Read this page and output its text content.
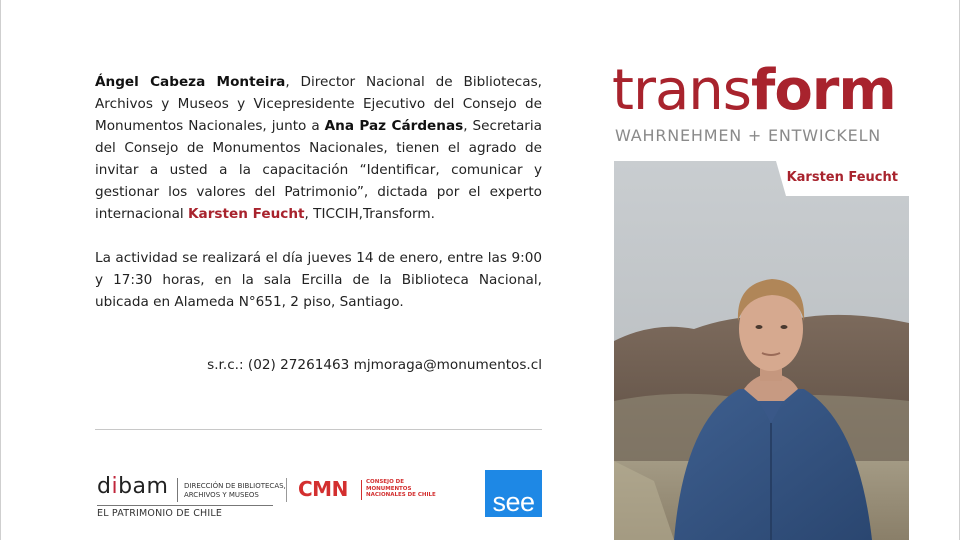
Ángel Cabeza Monteira, Director Nacional de Bibliotecas, Archivos y Museos y Vicepresidente Ejecutivo del Consejo de Monumentos Nacionales, junto a Ana Paz Cárdenas, Secretaria del Consejo de Monumentos Nacionales, tienen el agrado de invitar a usted a la capacitación “Identificar, comunicar y gestionar los valores del Patrimonio”, dictada por el experto internacional Karsten Feucht, TICCIH,Transform.

La actividad se realizará el día jueves 14 de enero, entre las 9:00 y 17:30 horas, en la sala Ercilla de la Biblioteca Nacional, ubicada en Alameda N°651, 2 piso, Santiago.

s.r.c.: (02) 27261463 mjmoraga@monumentos.cl
dibam DIRECCIÓN DE BIBLIOTECAS,
ARCHIVOS Y MUSEOS
EL PATRIMONIO DE CHILE
CMN	CONSEJO DE
MONUMENTOS
NACIONALES DE CHILE see
transform
WAHRNEHMEN + ENTWICKELN
Karsten Feucht
